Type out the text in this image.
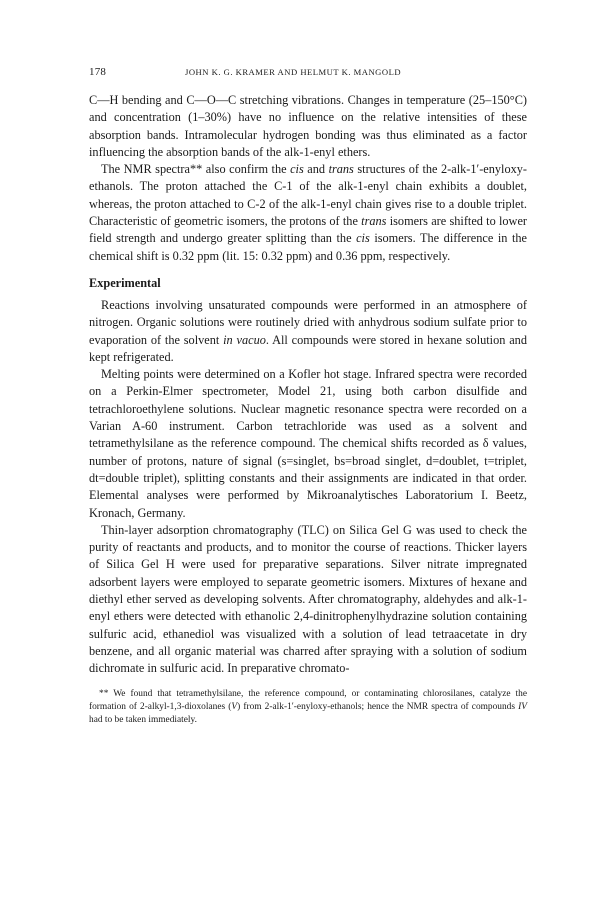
178	JOHN K. G. KRAMER AND HELMUT K. MANGOLD

C—H bending and C—O—C stretching vibrations. Changes in temperature (25–150°C) and concentration (1–30%) have no influence on the relative intensities of these absorption bands. Intramolecular hydrogen bonding was thus eliminated as a factor influencing the absorption bands of the alk-1-enyl ethers.

The NMR spectra** also confirm the cis and trans structures of the 2-alk-1′-enyloxy-ethanols. The proton attached the C-1 of the alk-1-enyl chain exhibits a doublet, whereas, the proton attached to C-2 of the alk-1-enyl chain gives rise to a double triplet. Characteristic of geometric isomers, the protons of the trans isomers are shifted to lower field strength and undergo greater splitting than the cis isomers. The difference in the chemical shift is 0.32 ppm (lit. 15: 0.32 ppm) and 0.36 ppm, respectively.

Experimental

Reactions involving unsaturated compounds were performed in an atmosphere of nitrogen. Organic solutions were routinely dried with anhydrous sodium sulfate prior to evaporation of the solvent in vacuo. All compounds were stored in hexane solution and kept refrigerated.

Melting points were determined on a Kofler hot stage. Infrared spectra were recorded on a Perkin-Elmer spectrometer, Model 21, using both carbon disulfide and tetrachloroethylene solutions. Nuclear magnetic resonance spectra were recorded on a Varian A-60 instrument. Carbon tetrachloride was used as a solvent and tetramethylsilane as the reference compound. The chemical shifts recorded as δ values, number of protons, nature of signal (s=singlet, bs=broad singlet, d=doublet, t=triplet, dt=double triplet), splitting constants and their assignments are indicated in that order. Elemental analyses were performed by Mikroanalytisches Laboratorium I. Beetz, Kronach, Germany.

Thin-layer adsorption chromatography (TLC) on Silica Gel G was used to check the purity of reactants and products, and to monitor the course of reactions. Thicker layers of Silica Gel H were used for preparative separations. Silver nitrate impregnated adsorbent layers were employed to separate geometric isomers. Mixtures of hexane and diethyl ether served as developing solvents. After chromatography, aldehydes and alk-1-enyl ethers were detected with ethanolic 2,4-dinitrophenylhydrazine solution containing sulfuric acid, ethanediol was visualized with a solution of lead tetraacetate in dry benzene, and all organic material was charred after spraying with a solution of sodium dichromate in sulfuric acid. In preparative chromato-

** We found that tetramethylsilane, the reference compound, or contaminating chlorosilanes, catalyze the formation of 2-alkyl-1,3-dioxolanes (V) from 2-alk-1′-enyloxy-ethanols; hence the NMR spectra of compounds IV had to be taken immediately.
